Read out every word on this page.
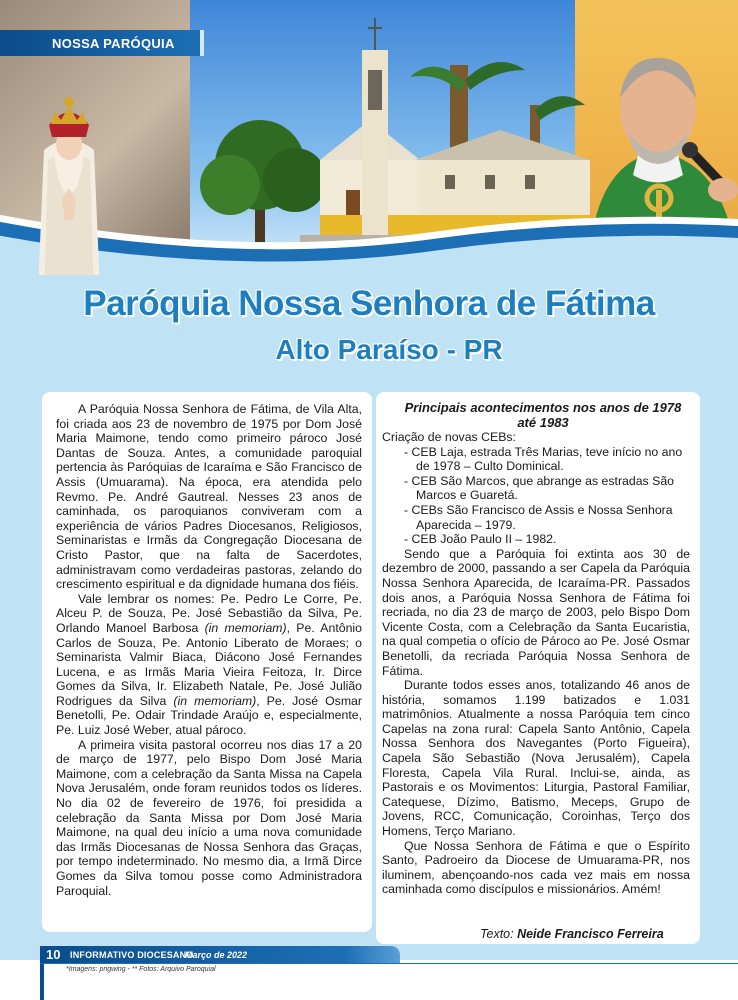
NOSSA PARÓQUIA
Paróquia Nossa Senhora de Fátima
Alto Paraíso - PR

A Paróquia Nossa Senhora de Fátima, de Vila Alta, foi criada aos 23 de novembro de 1975 por Dom José Maria Maimone, tendo como primeiro pároco José Dantas de Souza. Antes, a comunidade paroquial pertencia às Paróquias de Icaraíma e São Francisco de Assis (Umuarama). Na época, era atendida pelo Revmo. Pe. André Gautreal. Nesses 23 anos de caminhada, os paroquianos conviveram com a experiência de vários Padres Diocesanos, Religiosos, Seminaristas e Irmãs da Congregação Diocesana de Cristo Pastor, que na falta de Sacerdotes, administravam como verdadeiras pastoras, zelando do crescimento espiritual e da dignidade humana dos fiéis.

Vale lembrar os nomes: Pe. Pedro Le Corre, Pe. Alceu P. de Souza, Pe. José Sebastião da Silva, Pe. Orlando Manoel Barbosa (in memoriam), Pe. Antônio Carlos de Souza, Pe. Antonio Liberato de Moraes; o Seminarista Valmir Biaca, Diácono José Fernandes Lucena, e as Irmãs Maria Vieira Feitoza, Ir. Dirce Gomes da Silva, Ir. Elizabeth Natale, Pe. José Julião Rodrigues da Silva (in memoriam), Pe. José Osmar Benetolli, Pe. Odair Trindade Araújo e, especialmente, Pe. Luiz José Weber, atual pároco.

A primeira visita pastoral ocorreu nos dias 17 a 20 de março de 1977, pelo Bispo Dom José Maria Maimone, com a celebração da Santa Missa na Capela Nova Jerusalém, onde foram reunidos todos os líderes. No dia 02 de fevereiro de 1976, foi presidida a celebração da Santa Missa por Dom José Maria Maimone, na qual deu início a uma nova comunidade das Irmãs Diocesanas de Nossa Senhora das Graças, por tempo indeterminado. No mesmo dia, a Irmã Dirce Gomes da Silva tomou posse como Administradora Paroquial.

Principais acontecimentos nos anos de 1978 até 1983

Criação de novas CEBs:

- CEB Laja, estrada Três Marias, teve início no ano de 1978 – Culto Dominical.

- CEB São Marcos, que abrange as estradas São Marcos e Guaretá.

- CEBs São Francisco de Assis e Nossa Senhora Aparecida – 1979.

- CEB João Paulo II – 1982.

Sendo que a Paróquia foi extinta aos 30 de dezembro de 2000, passando a ser Capela da Paróquia Nossa Senhora Aparecida, de Icaraíma-PR. Passados dois anos, a Paróquia Nossa Senhora de Fátima foi recriada, no dia 23 de março de 2003, pelo Bispo Dom Vicente Costa, com a Celebração da Santa Eucaristia, na qual competia o ofício de Pároco ao Pe. José Osmar Benetolli, da recriada Paróquia Nossa Senhora de Fátima.

Durante todos esses anos, totalizando 46 anos de história, somamos 1.199 batizados e 1.031 matrimônios. Atualmente a nossa Paróquia tem cinco Capelas na zona rural: Capela Santo Antônio, Capela Nossa Senhora dos Navegantes (Porto Figueira), Capela São Sebastião (Nova Jerusalém), Capela Floresta, Capela Vila Rural. Inclui-se, ainda, as Pastorais e os Movimentos: Liturgia, Pastoral Familiar, Catequese, Dízimo, Batismo, Meceps, Grupo de Jovens, RCC, Comunicação, Coroinhas, Terço dos Homens, Terço Mariano.

Que Nossa Senhora de Fátima e que o Espírito Santo, Padroeiro da Diocese de Umuarama-PR, nos iluminem, abençoando-nos cada vez mais em nossa caminhada como discípulos e missionários. Amém!

Texto: Neide Francisco Ferreira
10 INFORMATIVO DIOCESANO
Março de 2022
*Imagens: pngwing - ** Fotos: Arquivo Paroquial
